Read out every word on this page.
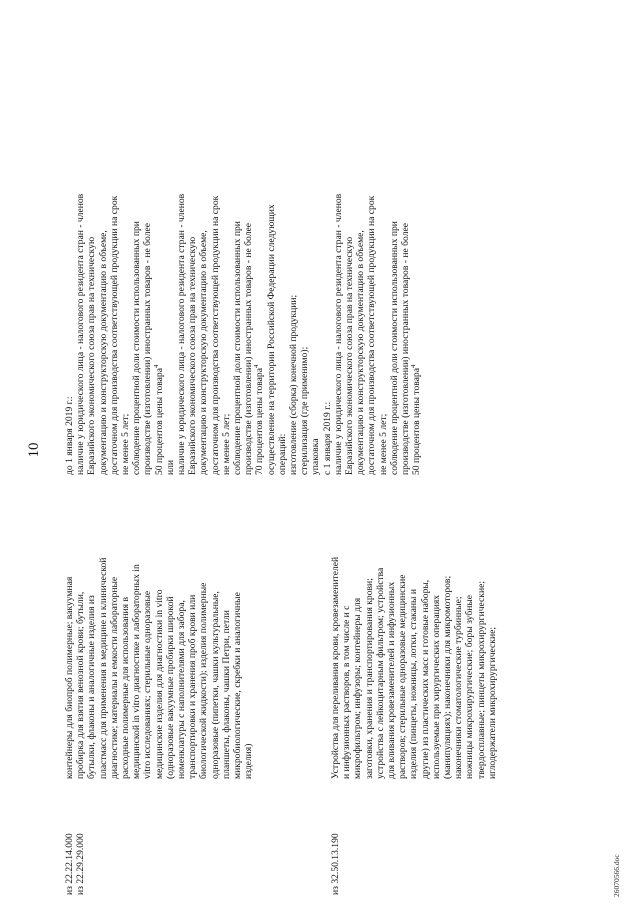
10
из 22.22.14.000 из 22.29.29.000
контейнеры для биопроб полимерные; вакуумная пробирка для взятия венозной крови; бутыли, бутылки, флаконы и аналогичные изделия из пластмасс для применения в медицине и клинической диагностике; материалы и емкости лабораторные расходные полимерные для использования в медицинской in vitro диагностике и лабораторных in vitro исследованиях; стерильные одноразовые медицинские изделия для диагностики in vitro (одноразовые вакуумные пробирки широкой номенклатуры с наполнителями для забора, транспортировки и хранения проб крови или биологической жидкости); изделия полимерные одноразовые (пипетки, чашки культуральные, планшеты, флаконы, чашки Петри, петли микробиологические, скребки и аналогичные изделия)
до 1 января 2019 г.: наличие у юридического лица - налогового резидента стран - членов Евразийского экономического союза прав на техническую документацию и конструкторскую документацию в объеме, достаточном для производства соответствующей продукции на срок не менее 5 лет; соблюдение процентной доли стоимости использованных при производстве (изготовлении) иностранных товаров - не более 50 процентов цены товара$^4$
или наличие у юридического лица - налогового резидента стран - членов Евразийского экономического союза прав на техническую документацию и конструкторскую документацию в объеме, достаточном для производства соответствующей продукции на срок не менее 5 лет; соблюдение процентной доли стоимости использованных при производстве (изготовлении) иностранных товаров - не более 70 процентов цены товара$^4$ осуществление на территории Российской Федерации следующих операций: изготовление (сборка) конечной продукции; стерилизация (где применимо); упаковка с 1 января 2019 г.: наличие у юридического лица - налогового резидента стран - членов Евразийского экономического союза прав на техническую документацию и конструкторскую документацию в объеме, достаточном для производства соответствующей продукции на срок не менее 5 лет; соблюдение процентной доли стоимости использованных при производстве (изготовлении) иностранных товаров - не более 50 процентов цены товара$^4$
из 32.50.13.190
Устройства для переливания крови, кровезаменителей и инфузионных растворов, в том числе и с микрофильтром; инфузоры; контейнеры для заготовки, хранения и транспортирования крови; устройства с лейкоцитарным фильтром; устройства для вливания кровезаменителей и инфузионных растворов; стерильные одноразовые медицинские изделия (пинцеты, ножницы, лотки, стаканы и другие) из пластических масс и готовые наборы, используемые при хирургических операциях (манипуляциях); наконечники для микромоторов; наконечники стоматологические турбинные; ножницы микрохирургические; боры зубные твердосплавные; пинцеты микрохирургические; иглодержатели микрохирургические;
26070566.doc
